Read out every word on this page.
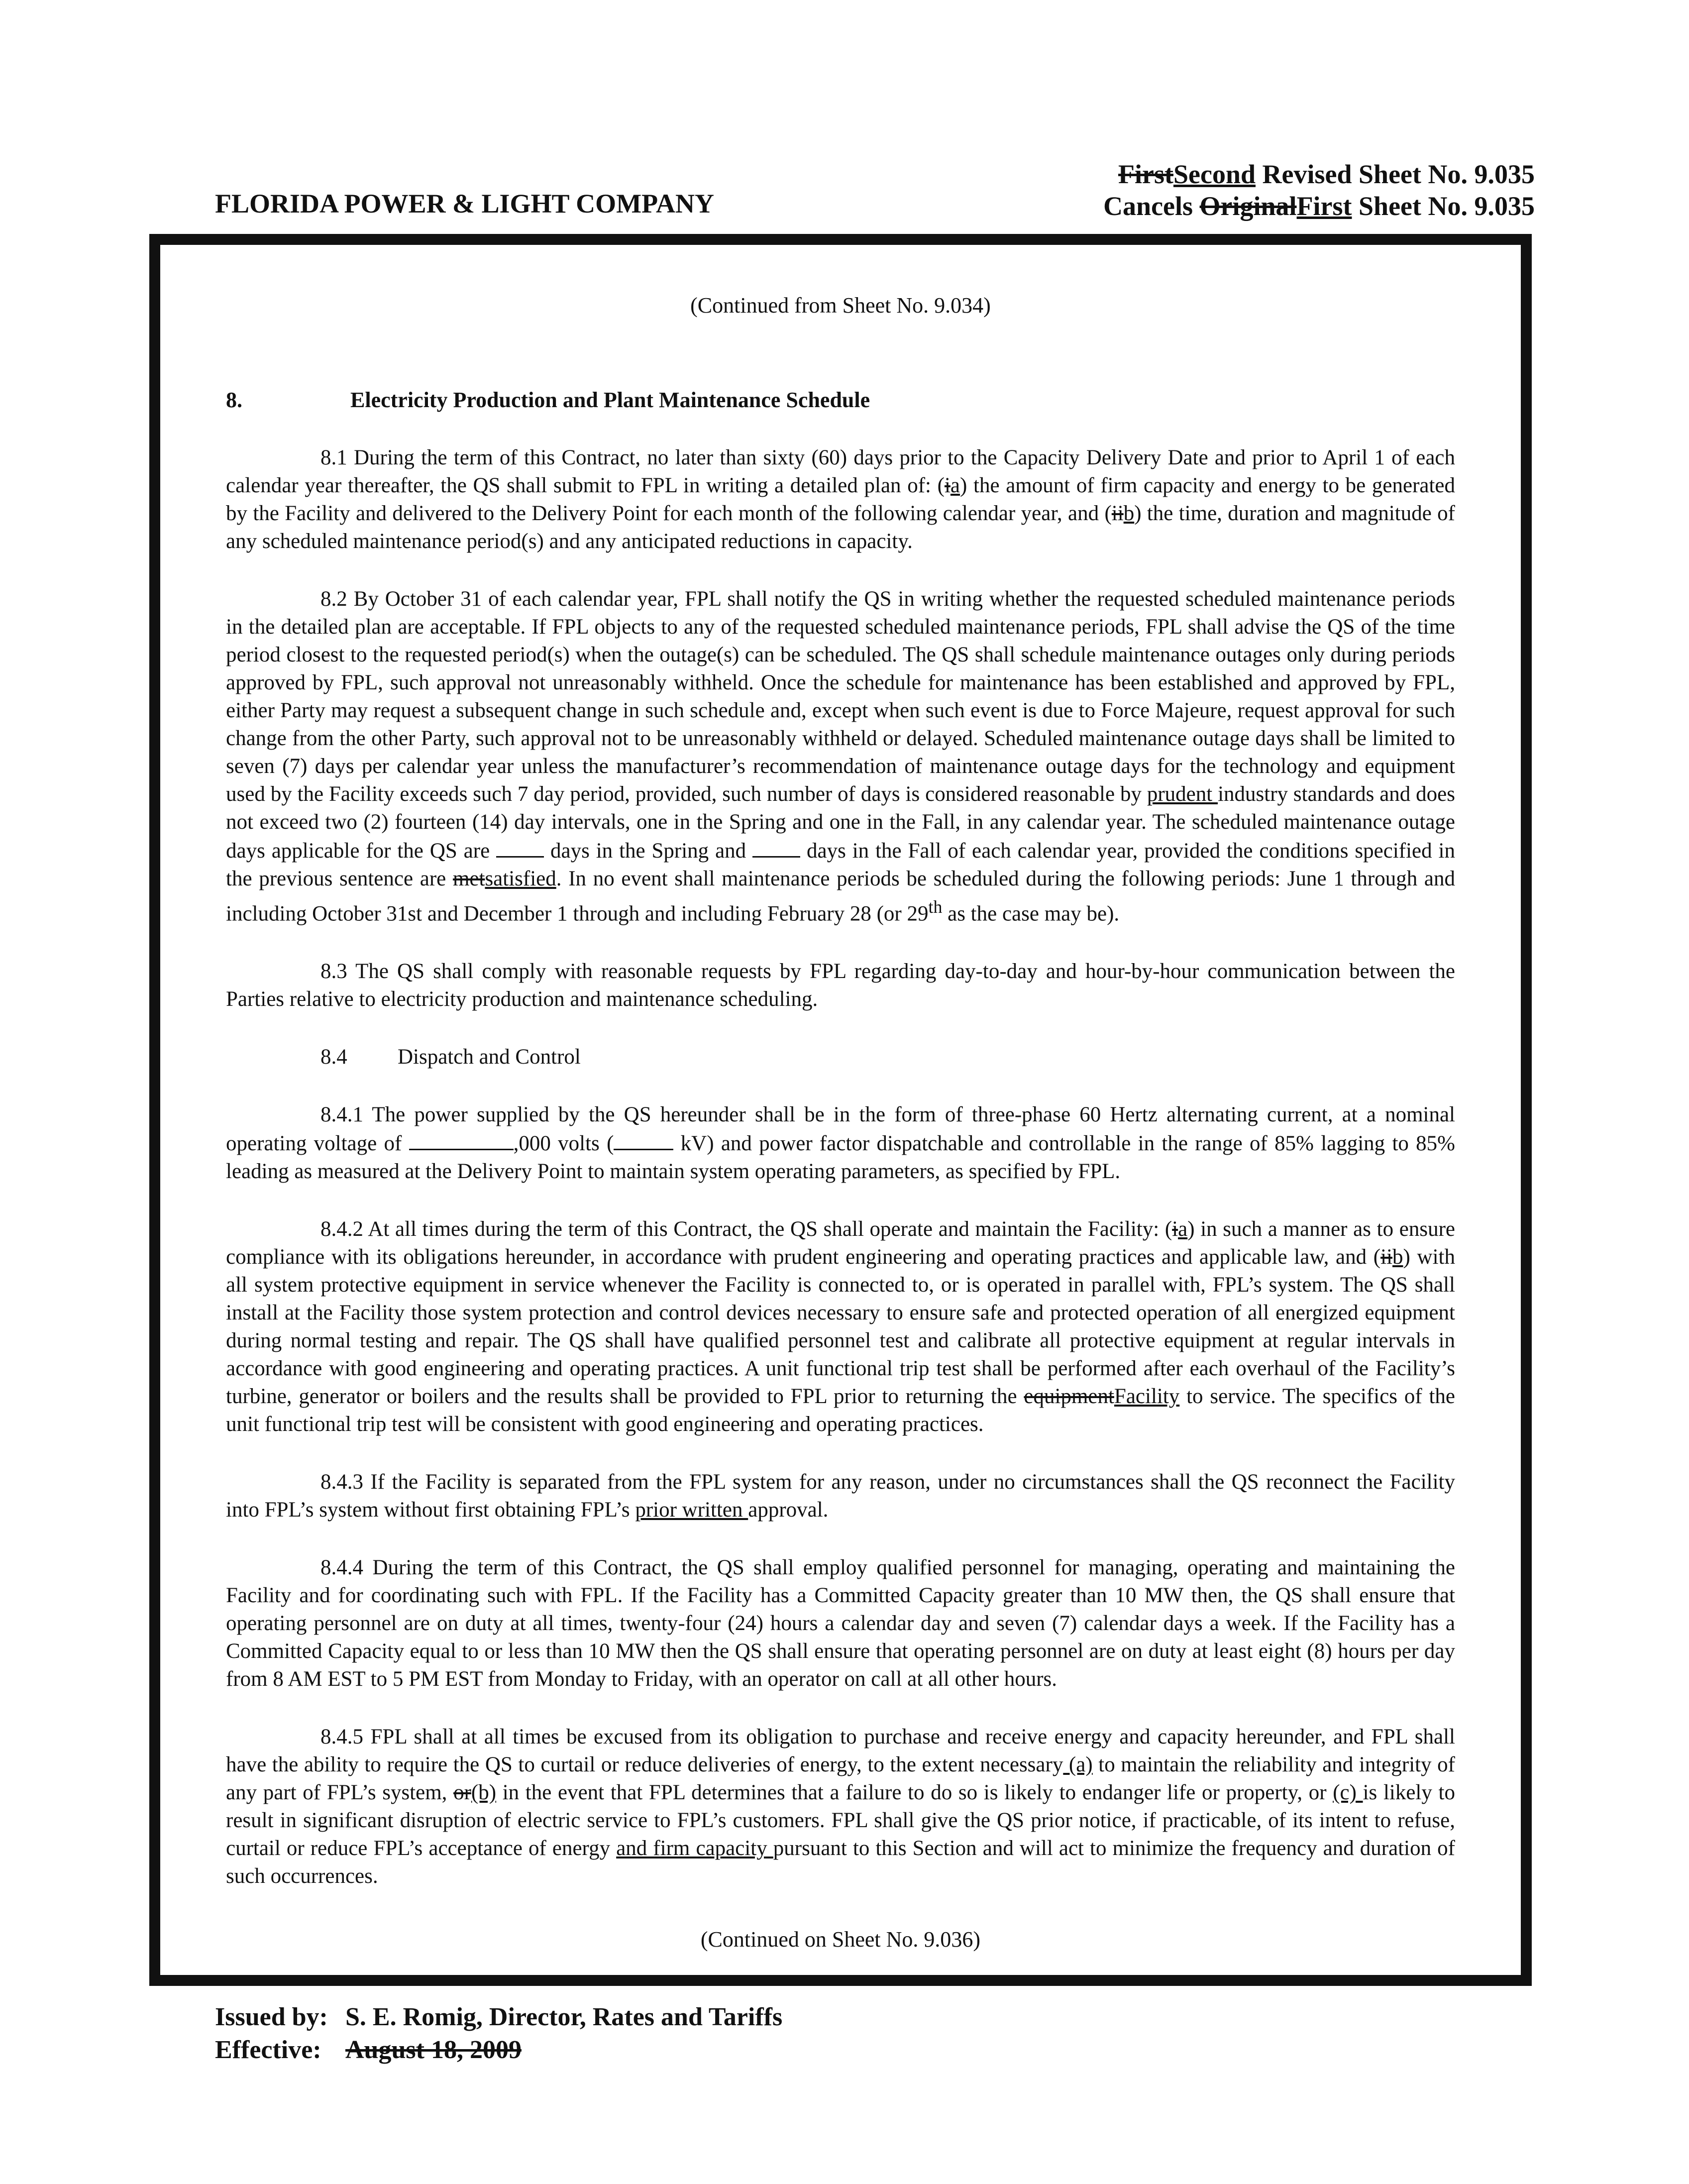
FLORIDA POWER & LIGHT COMPANY
FirstSecond Revised Sheet No. 9.035
Cancels OriginalFirst Sheet No. 9.035
(Continued from Sheet No. 9.034)
8.	Electricity Production and Plant Maintenance Schedule

8.1 During the term of this Contract, no later than sixty (60) days prior to the Capacity Delivery Date and prior to April 1 of each calendar year thereafter, the QS shall submit to FPL in writing a detailed plan of: (ia) the amount of firm capacity and energy to be generated by the Facility and delivered to the Delivery Point for each month of the following calendar year, and (iib) the time, duration and magnitude of any scheduled maintenance period(s) and any anticipated reductions in capacity.

8.2 By October 31 of each calendar year, FPL shall notify the QS in writing whether the requested scheduled maintenance periods in the detailed plan are acceptable. If FPL objects to any of the requested scheduled maintenance periods, FPL shall advise the QS of the time period closest to the requested period(s) when the outage(s) can be scheduled. The QS shall schedule maintenance outages only during periods approved by FPL, such approval not unreasonably withheld. Once the schedule for maintenance has been established and approved by FPL, either Party may request a subsequent change in such schedule and, except when such event is due to Force Majeure, request approval for such change from the other Party, such approval not to be unreasonably withheld or delayed. Scheduled maintenance outage days shall be limited to seven (7) days per calendar year unless the manufacturer’s recommendation of maintenance outage days for the technology and equipment used by the Facility exceeds such 7 day period, provided, such number of days is considered reasonable by prudent industry standards and does not exceed two (2) fourteen (14) day intervals, one in the Spring and one in the Fall, in any calendar year. The scheduled maintenance outage days applicable for the QS are  days in the Spring and  days in the Fall of each calendar year, provided the conditions specified in the previous sentence are metsatisfied. In no event shall maintenance periods be scheduled during the following periods: June 1 through and including October 31st and December 1 through and including February 28 (or 29th as the case may be).

8.3 The QS shall comply with reasonable requests by FPL regarding day-to-day and hour-by-hour communication between the Parties relative to electricity production and maintenance scheduling.

8.4 Dispatch and Control

8.4.1 The power supplied by the QS hereunder shall be in the form of three-phase 60 Hertz alternating current, at a nominal operating voltage of	,000 volts (	kV) and power factor dispatchable and controllable in the range of 85% lagging to 85% leading as measured at the Delivery Point to maintain system operating parameters, as specified by FPL.

8.4.2 At all times during the term of this Contract, the QS shall operate and maintain the Facility: (ia) in such a manner as to ensure compliance with its obligations hereunder, in accordance with prudent engineering and operating practices and applicable law, and (iib) with all system protective equipment in service whenever the Facility is connected to, or is operated in parallel with, FPL’s system. The QS shall install at the Facility those system protection and control devices necessary to ensure safe and protected operation of all energized equipment during normal testing and repair. The QS shall have qualified personnel test and calibrate all protective equipment at regular intervals in accordance with good engineering and operating practices. A unit functional trip test shall be performed after each overhaul of the Facility’s turbine, generator or boilers and the results shall be provided to FPL prior to returning the equipmentFacility to service. The specifics of the unit functional trip test will be consistent with good engineering and operating practices.

8.4.3 If the Facility is separated from the FPL system for any reason, under no circumstances shall the QS reconnect the Facility into FPL’s system without first obtaining FPL’s prior written approval.

8.4.4 During the term of this Contract, the QS shall employ qualified personnel for managing, operating and maintaining the Facility and for coordinating such with FPL. If the Facility has a Committed Capacity greater than 10 MW then, the QS shall ensure that operating personnel are on duty at all times, twenty-four (24) hours a calendar day and seven (7) calendar days a week. If the Facility has a Committed Capacity equal to or less than 10 MW then the QS shall ensure that operating personnel are on duty at least eight (8) hours per day from 8 AM EST to 5 PM EST from Monday to Friday, with an operator on call at all other hours.

8.4.5 FPL shall at all times be excused from its obligation to purchase and receive energy and capacity hereunder, and FPL shall have the ability to require the QS to curtail or reduce deliveries of energy, to the extent necessary (a) to maintain the reliability and integrity of any part of FPL’s system, or(b) in the event that FPL determines that a failure to do so is likely to endanger life or property, or (c) is likely to result in significant disruption of electric service to FPL’s customers. FPL shall give the QS prior notice, if practicable, of its intent to refuse, curtail or reduce FPL’s acceptance of energy and firm capacity pursuant to this Section and will act to minimize the frequency and duration of such occurrences.

(Continued on Sheet No. 9.036)
Issued by: S. E. Romig, Director, Rates and Tariffs
Effective: August 18, 2009
